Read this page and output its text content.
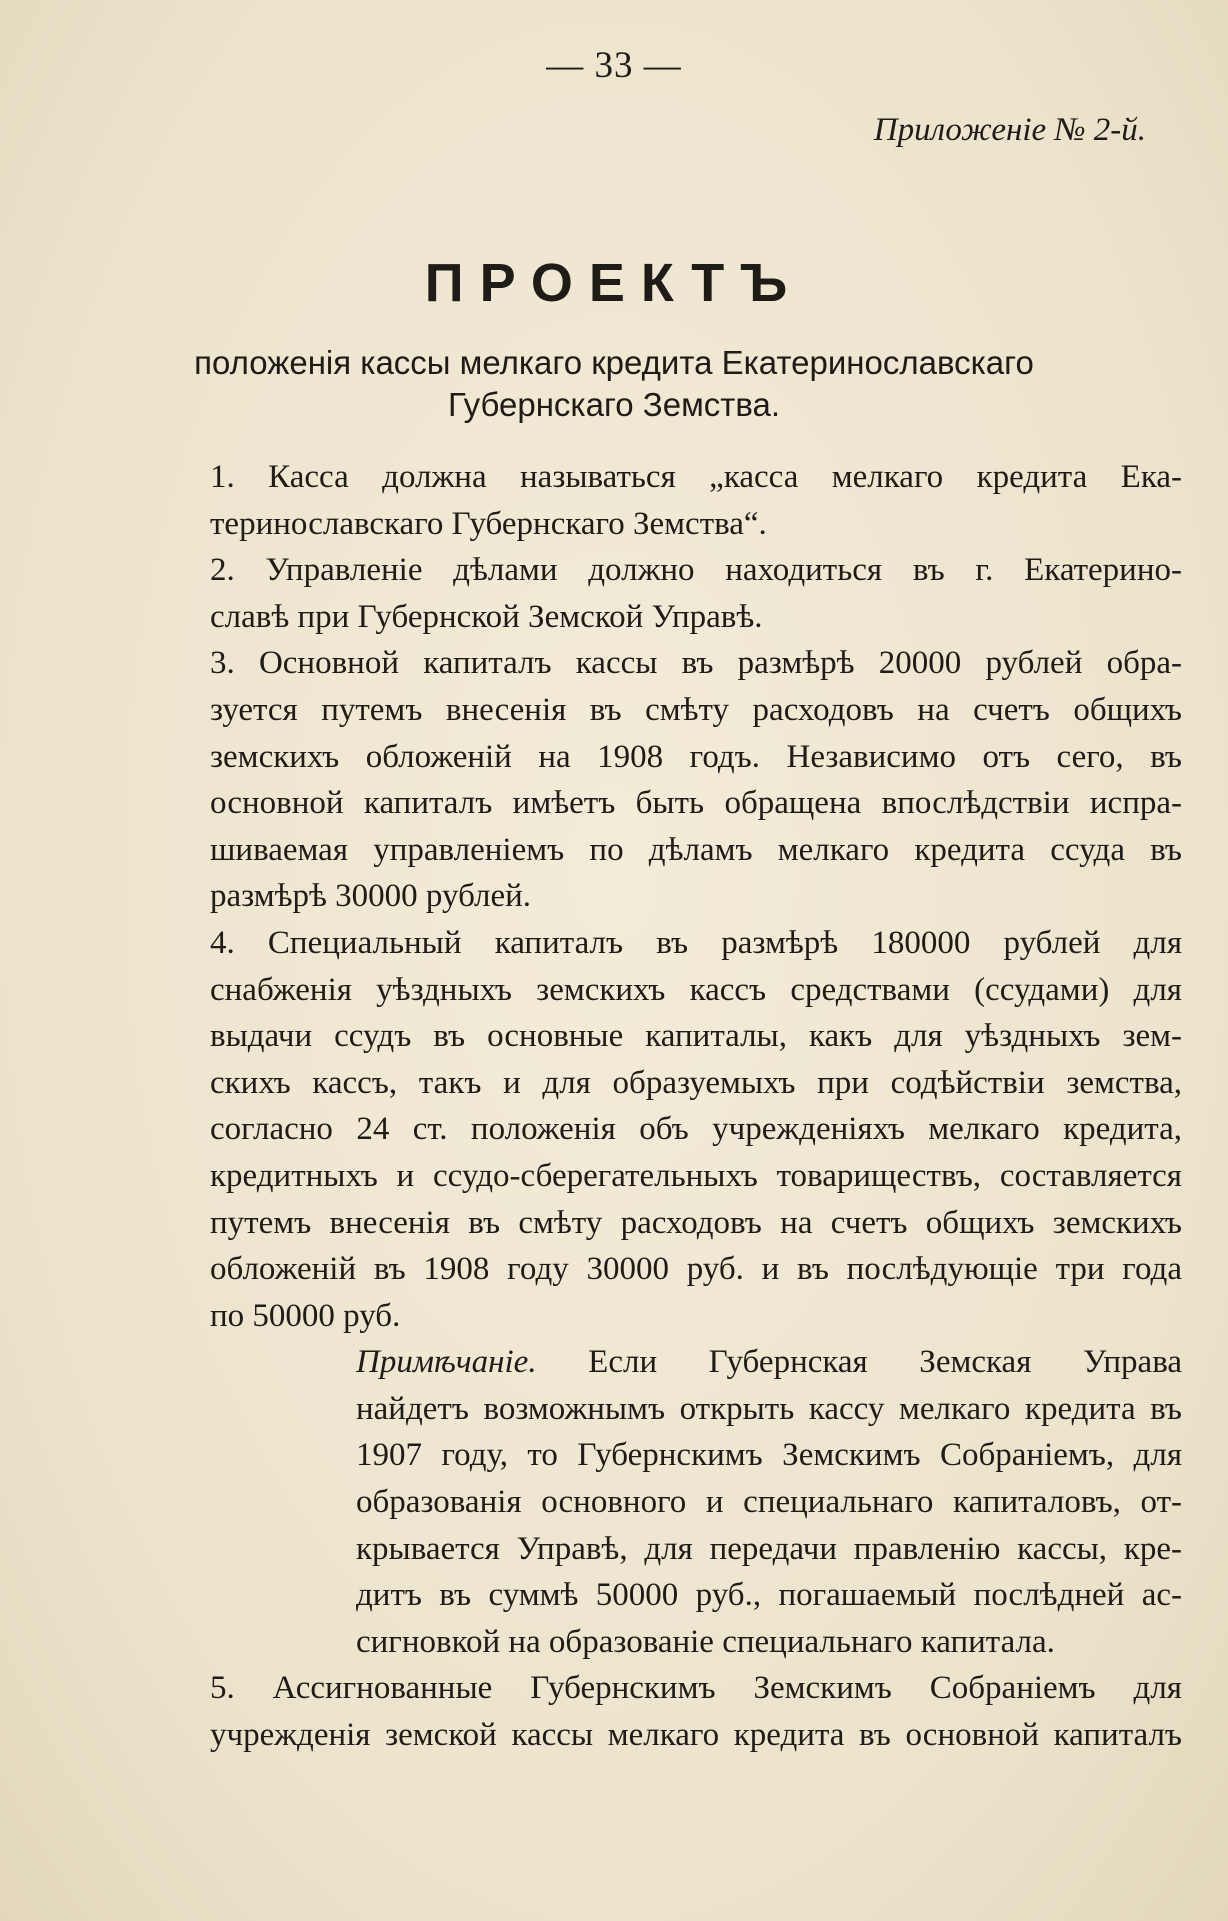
— 33 —
Приложенiе № 2-й.
ПРОЕКТЪ
положенiя кассы мелкаго кредита Екатеринославскаго
Губернскаго Земства.

1. Касса должна называться „касса мелкаго кредита Ека-
теринославскаго Губернскаго Земства“.

2. Управленiе дѣлами должно находиться въ г. Екатерино-
славѣ при Губернской Земской Управѣ.

3. Основной капиталъ кассы въ размѣрѣ 20000 рублей обра-
зуется путемъ внесенiя въ смѣту расходовъ на счетъ общихъ
земскихъ обложенiй на 1908 годъ. Независимо отъ сего, въ
основной капиталъ имѣетъ быть обращена впослѣдствiи испра-
шиваемая управленiемъ по дѣламъ мелкаго кредита ссуда въ
размѣрѣ 30000 рублей.

4. Специальный капиталъ въ размѣрѣ 180000 рублей для
снабженiя уѣздныхъ земскихъ кассъ средствами (ссудами) для
выдачи ссудъ въ основные капиталы, какъ для уѣздныхъ зем-
скихъ кассъ, такъ и для образуемыхъ при содѣйствiи земства,
согласно 24 ст. положенiя объ учрежденiяхъ мелкаго кредита,
кредитныхъ и ссудо-сберегательныхъ товариществъ, составляется
путемъ внесенiя въ смѣту расходовъ на счетъ общихъ земскихъ
обложенiй въ 1908 году 30000 руб. и въ послѣдующiе три года
по 50000 руб.

Примѣчанiе. Если Губернская Земская Управа
найдетъ возможнымъ открыть кассу мелкаго кредита въ
1907 году, то Губернскимъ Земскимъ Собранiемъ, для
образованiя основного и специальнаго капиталовъ, от-
крывается Управѣ, для передачи правленiю кассы, кре-
дитъ въ суммѣ 50000 руб., погашаемый послѣдней ас-
сигновкой на образованiе специальнаго капитала.

5. Ассигнованные Губернскимъ Земскимъ Собранiемъ для
учрежденiя земской кассы мелкаго кредита въ основной капиталъ
